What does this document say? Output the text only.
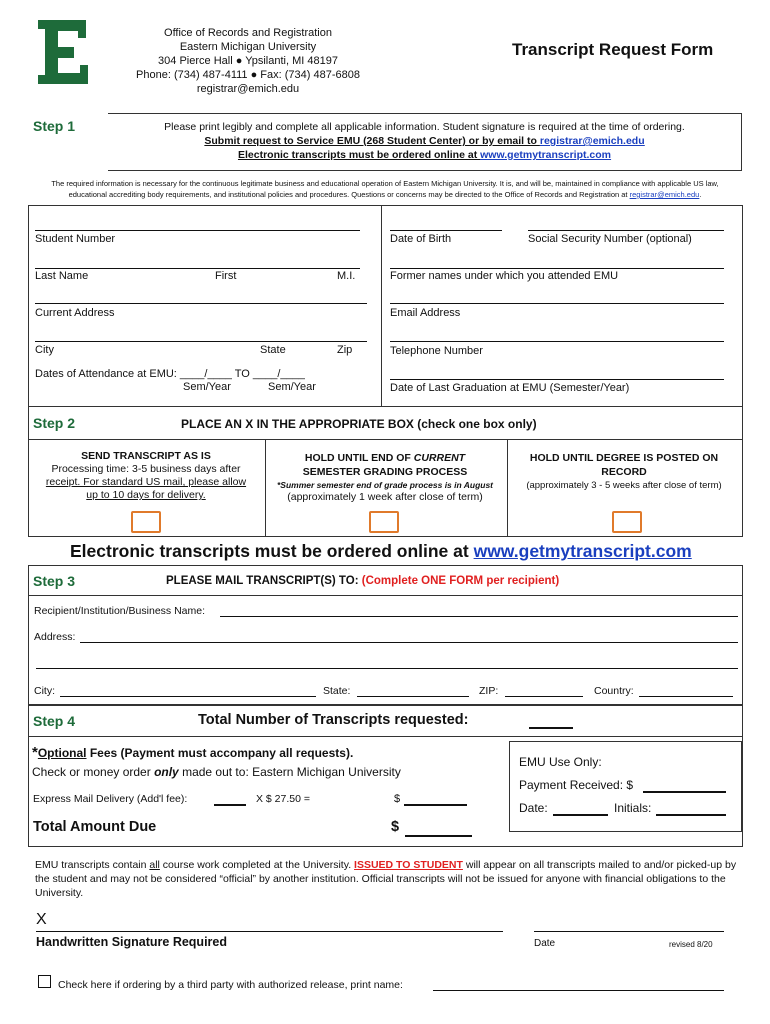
Office of Records and Registration
Eastern Michigan University
304 Pierce Hall ● Ypsilanti, MI 48197
Phone: (734) 487-4111 ● Fax: (734) 487-6808
registrar@emich.edu
Transcript Request Form
Step 1	Please print legibly and complete all applicable information. Student signature is required at the time of ordering.
Submit request to Service EMU (268 Student Center) or by email to registrar@emich.edu
Electronic transcripts must be ordered online at www.getmytranscript.com
The required information is necessary for the continuous legitimate business and educational operation of Eastern Michigan University. It is, and will be, maintained in compliance with applicable US law,
educational accrediting body requirements, and institutional policies and procedures. Questions or concerns may be directed to the Office of Records and Registration at registrar@emich.edu.
Student Number
Last Name	First	M.I.
Current Address
City	State	Zip
Dates of Attendance at EMU: ____/____ TO ____/____
Sem/Year	Sem/Year
Date of Birth	Social Security Number (optional)
Former names under which you attended EMU
Email Address
Telephone Number
Date of Last Graduation at EMU (Semester/Year)
Step 2	PLACE AN X IN THE APPROPRIATE BOX (check one box only)
SEND TRANSCRIPT AS IS
Processing time: 3-5 business days after
receipt. For standard US mail, please allow
up to 10 days for delivery.
HOLD UNTIL END OF CURRENT
SEMESTER GRADING PROCESS
*Summer semester end of grade process is in August
(approximately 1 week after close of term)
HOLD UNTIL DEGREE IS POSTED ON
RECORD
(approximately 3 - 5 weeks after close of term)
Electronic transcripts must be ordered online at www.getmytranscript.com
Step 3	PLEASE MAIL TRANSCRIPT(S) TO: (Complete ONE FORM per recipient)
Recipient/Institution/Business Name:
Address:
City:	State:	ZIP:	Country:
Step 4	Total Number of Transcripts requested:
*Optional Fees (Payment must accompany all requests).
Check or money order only made out to: Eastern Michigan University
Express Mail Delivery (Add'l fee):	X $ 27.50 =	$
Total Amount Due	$
EMU Use Only:
Payment Received: $
Date:	Initials:
EMU transcripts contain all course work completed at the University. ISSUED TO STUDENT will appear on all transcripts mailed to and/or picked-up by the student and may not be considered “official” by another institution. Official transcripts will not be issued for anyone with financial obligations to the University.
X
Handwritten Signature Required	Date	revised 8/20
Check here if ordering by a third party with authorized release, print name:
